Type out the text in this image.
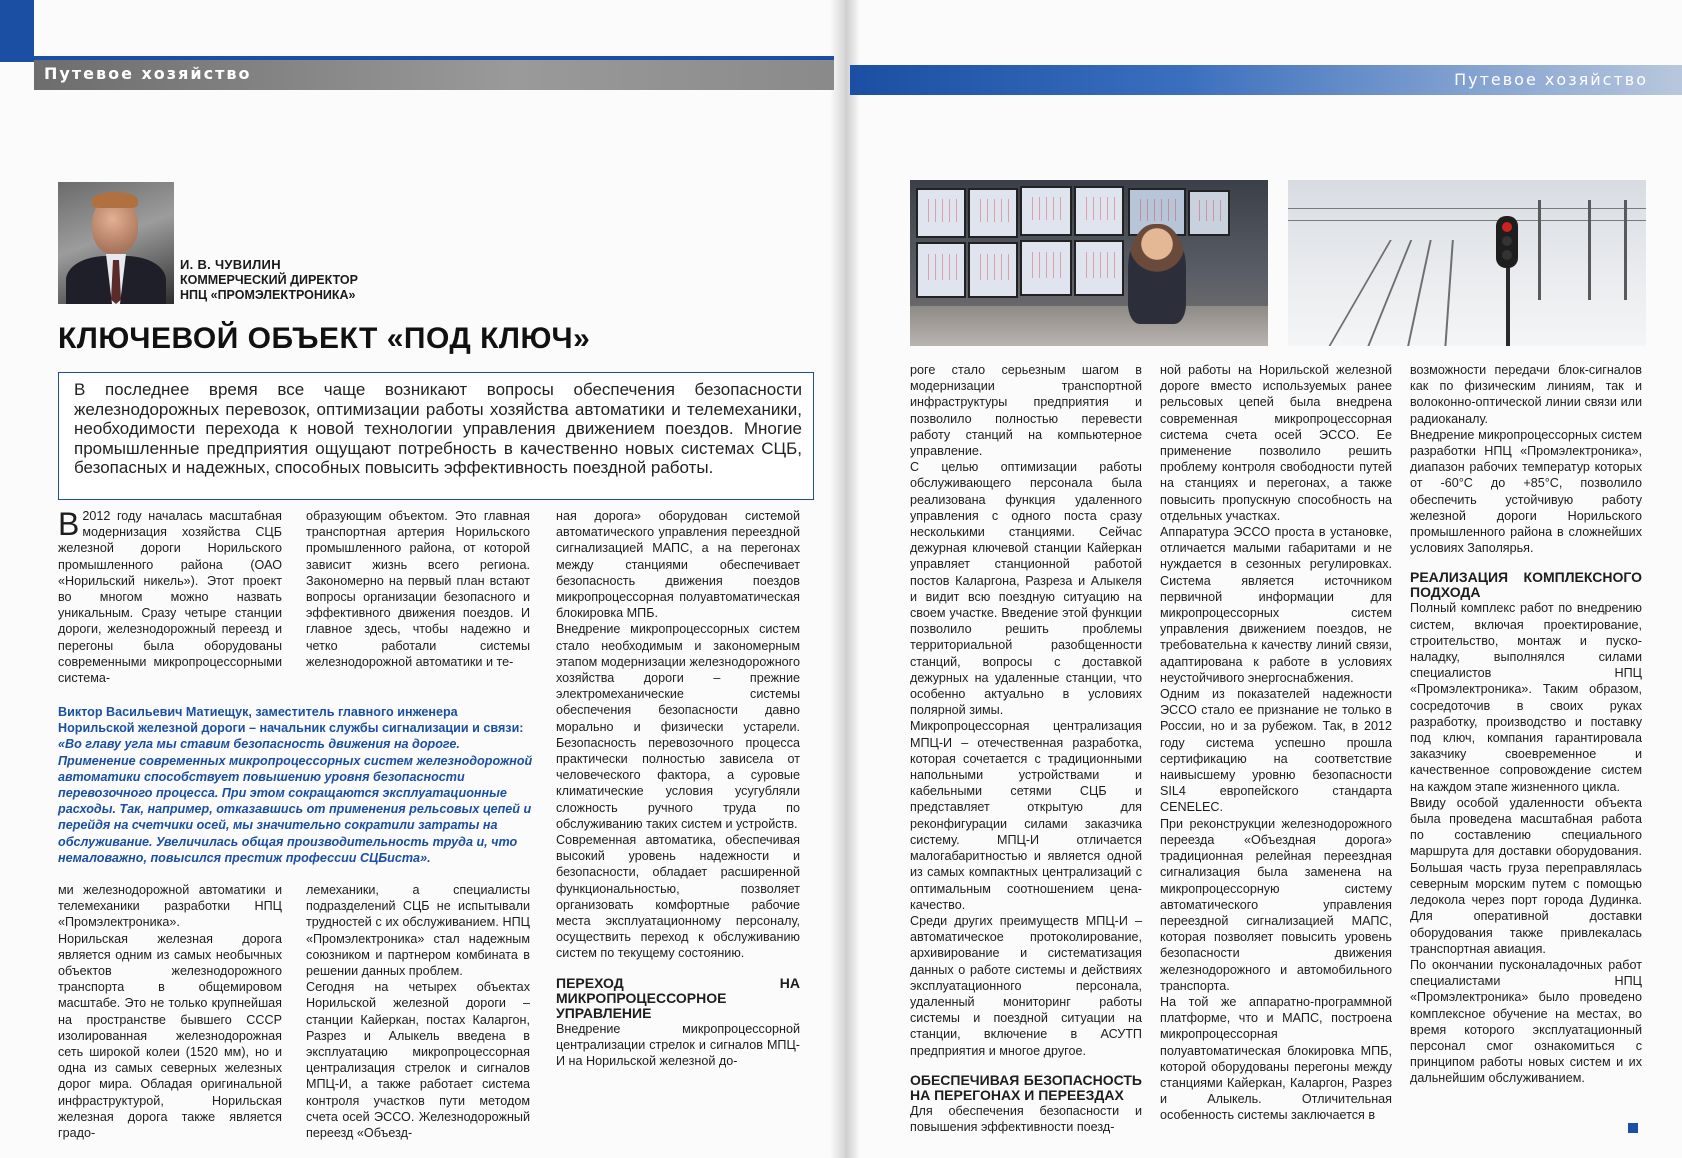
Путевое хозяйство	Путевое хозяйство
И. В. ЧУВИЛИН
КОММЕРЧЕСКИЙ ДИРЕКТОР
НПЦ «ПРОМЭЛЕКТРОНИКА»
КЛЮЧЕВОЙ ОБЪЕКТ «ПОД КЛЮЧ»
В последнее время все чаще возникают вопросы обеспечения безопасности железнодорожных перевозок, оптимизации работы хозяйства автоматики и телемеханики, необходимости перехода к новой технологии управления движением поездов. Многие промышленные предприятия ощущают потребность в качественно новых системах СЦБ, безопасных и надежных, способных повысить эффективность поездной работы.
В 2012 году началась масштабная модернизация хозяйства СЦБ железной дороги Норильского промышленного района (ОАО «Норильский никель»). Этот проект во многом можно назвать уникальным. Сразу четыре станции дороги, железнодорожный переезд и перегоны была оборудованы современными микропроцессорными система-
образующим объектом. Это главная транспортная артерия Норильского промышленного района, от которой зависит жизнь всего региона. Закономерно на первый план встают вопросы организации безопасного и эффективного движения поездов. И главное здесь, чтобы надежно и четко работали системы железнодорожной автоматики и те-

ная дорога» оборудован системой автоматического управления переездной сигнализацией МАПС, а на перегонах между станциями обеспечивает безопасность движения поездов микропроцессорная полуавтоматическая блокировка МПБ.

Внедрение микропроцессорных систем стало необходимым и закономерным этапом модернизации железнодорожного хозяйства дороги – прежние электромеханические системы обеспечения безопасности давно морально и физически устарели. Безопасность перевозочного процесса практически полностью зависела от человеческого фактора, а суровые климатические условия усугубляли сложность ручного труда по обслуживанию таких систем и устройств.

Современная автоматика, обеспечивая высокий уровень надежности и безопасности, обладает расширенной функциональностью, позволяет организовать комфортные рабочие места эксплуатационному персоналу, осуществить переход к обслуживанию систем по текущему состоянию.

ПЕРЕХОД НА МИКРОПРОЦЕССОРНОЕ УПРАВЛЕНИЕ

Внедрение микропроцессорной централизации стрелок и сигналов МПЦ-И на Норильской железной до-

Виктор Васильевич Матиещук, заместитель главного инженера Норильской железной дороги – начальник службы сигнализации и связи:
«Во главу угла мы ставим безопасность движения на дороге. Применение современных микропроцессорных систем железнодорожной автоматики способствует повышению уровня безопасности перевозочного процесса. При этом сокращаются эксплуатационные расходы. Так, например, отказавшись от применения рельсовых цепей и перейдя на счетчики осей, мы значительно сократили затраты на обслуживание. Увеличилась общая производительность труда и, что немаловажно, повысился престиж профессии СЦБиста».

ми железнодорожной автоматики и телемеханики разработки НПЦ «Промэлектроника».

Норильская железная дорога является одним из самых необычных объектов железнодорожного транспорта в общемировом масштабе. Это не только крупнейшая на пространстве бывшего СССР изолированная железнодорожная сеть широкой колеи (1520 мм), но и одна из самых северных железных дорог мира. Обладая оригинальной инфраструктурой, Норильская железная дорога также является градо-

лемеханики, а специалисты подразделений СЦБ не испытывали трудностей с их обслуживанием. НПЦ «Промэлектроника» стал надежным союзником и партнером комбината в решении данных проблем.

Сегодня на четырех объектах Норильской железной дороги – станции Кайеркан, постах Каларгон, Разрез и Алыкель введена в эксплуатацию микропроцессорная централизация стрелок и сигналов МПЦ-И, а также работает система контроля участков пути методом счета осей ЭССО. Железнодорожный переезд «Объезд-

роге стало серьезным шагом в модернизации транспортной инфраструктуры предприятия и позволило полностью перевести работу станций на компьютерное управление.

С целью оптимизации работы обслуживающего персонала была реализована функция удаленного управления с одного поста сразу несколькими станциями. Сейчас дежурная ключевой станции Кайеркан управляет станционной работой постов Каларгона, Разреза и Алыкеля и видит всю поездную ситуацию на своем участке. Введение этой функции позволило решить проблемы территориальной разобщенности станций, вопросы с доставкой дежурных на удаленные станции, что особенно актуально в условиях полярной зимы.

Микропроцессорная централизация МПЦ-И – отечественная разработка, которая сочетается с традиционными напольными устройствами и кабельными сетями СЦБ и представляет открытую для реконфигурации силами заказчика систему. МПЦ-И отличается малогабаритностью и является одной из самых компактных централизаций с оптимальным соотношением цена-качество.

Среди других преимуществ МПЦ-И – автоматическое протоколирование, архивирование и систематизация данных о работе системы и действиях эксплуатационного персонала, удаленный мониторинг работы системы и поездной ситуации на станции, включение в АСУТП предприятия и многое другое.

ОБЕСПЕЧИВАЯ БЕЗОПАСНОСТЬ НА ПЕРЕГОНАХ И ПЕРЕЕЗДАХ

Для обеспечения безопасности и повышения эффективности поезд-

ной работы на Норильской железной дороге вместо используемых ранее рельсовых цепей была внедрена современная микропроцессорная система счета осей ЭССО. Ее применение позволило решить проблему контроля свободности путей на станциях и перегонах, а также повысить пропускную способность на отдельных участках.

Аппаратура ЭССО проста в установке, отличается малыми габаритами и не нуждается в сезонных регулировках. Система является источником первичной информации для микропроцессорных систем управления движением поездов, не требовательна к качеству линий связи, адаптирована к работе в условиях неустойчивого энергоснабжения.

Одним из показателей надежности ЭССО стало ее признание не только в России, но и за рубежом. Так, в 2012 году система успешно прошла сертификацию на соответствие наивысшему уровню безопасности SIL4 европейского стандарта CENELEC.

При реконструкции железнодорожного переезда «Объездная дорога» традиционная релейная переездная сигнализация была заменена на микропроцессорную систему автоматического управления переездной сигнализацией МАПС, которая позволяет повысить уровень безопасности движения железнодорожного и автомобильного транспорта.

На той же аппаратно-программной платформе, что и МАПС, построена микропроцессорная полуавтоматическая блокировка МПБ, которой оборудованы перегоны между станциями Кайеркан, Каларгон, Разрез и Алыкель. Отличительная особенность системы заключается в

возможности передачи блок-сигналов как по физическим линиям, так и волоконно-оптической линии связи или радиоканалу.

Внедрение микропроцессорных систем разработки НПЦ «Промэлектроника», диапазон рабочих температур которых от -60°С до +85°С, позволило обеспечить устойчивую работу железной дороги Норильского промышленного района в сложнейших условиях Заполярья.

РЕАЛИЗАЦИЯ КОМПЛЕКСНОГО ПОДХОДА

Полный комплекс работ по внедрению систем, включая проектирование, строительство, монтаж и пуско-наладку, выполнялся силами специалистов НПЦ «Промэлектроника». Таким образом, сосредоточив в своих руках разработку, производство и поставку под ключ, компания гарантировала заказчику своевременное и качественное сопровождение систем на каждом этапе жизненного цикла.

Ввиду особой удаленности объекта была проведена масштабная работа по составлению специального маршрута для доставки оборудования. Большая часть груза переправлялась северным морским путем с помощью ледокола через порт города Дудинка. Для оперативной доставки оборудования также привлекалась транспортная авиация.

По окончании пусконаладочных работ специалистами НПЦ «Промэлектроника» было проведено комплексное обучение на местах, во время которого эксплуатационный персонал смог ознакомиться с принципом работы новых систем и их дальнейшим обслуживанием.
